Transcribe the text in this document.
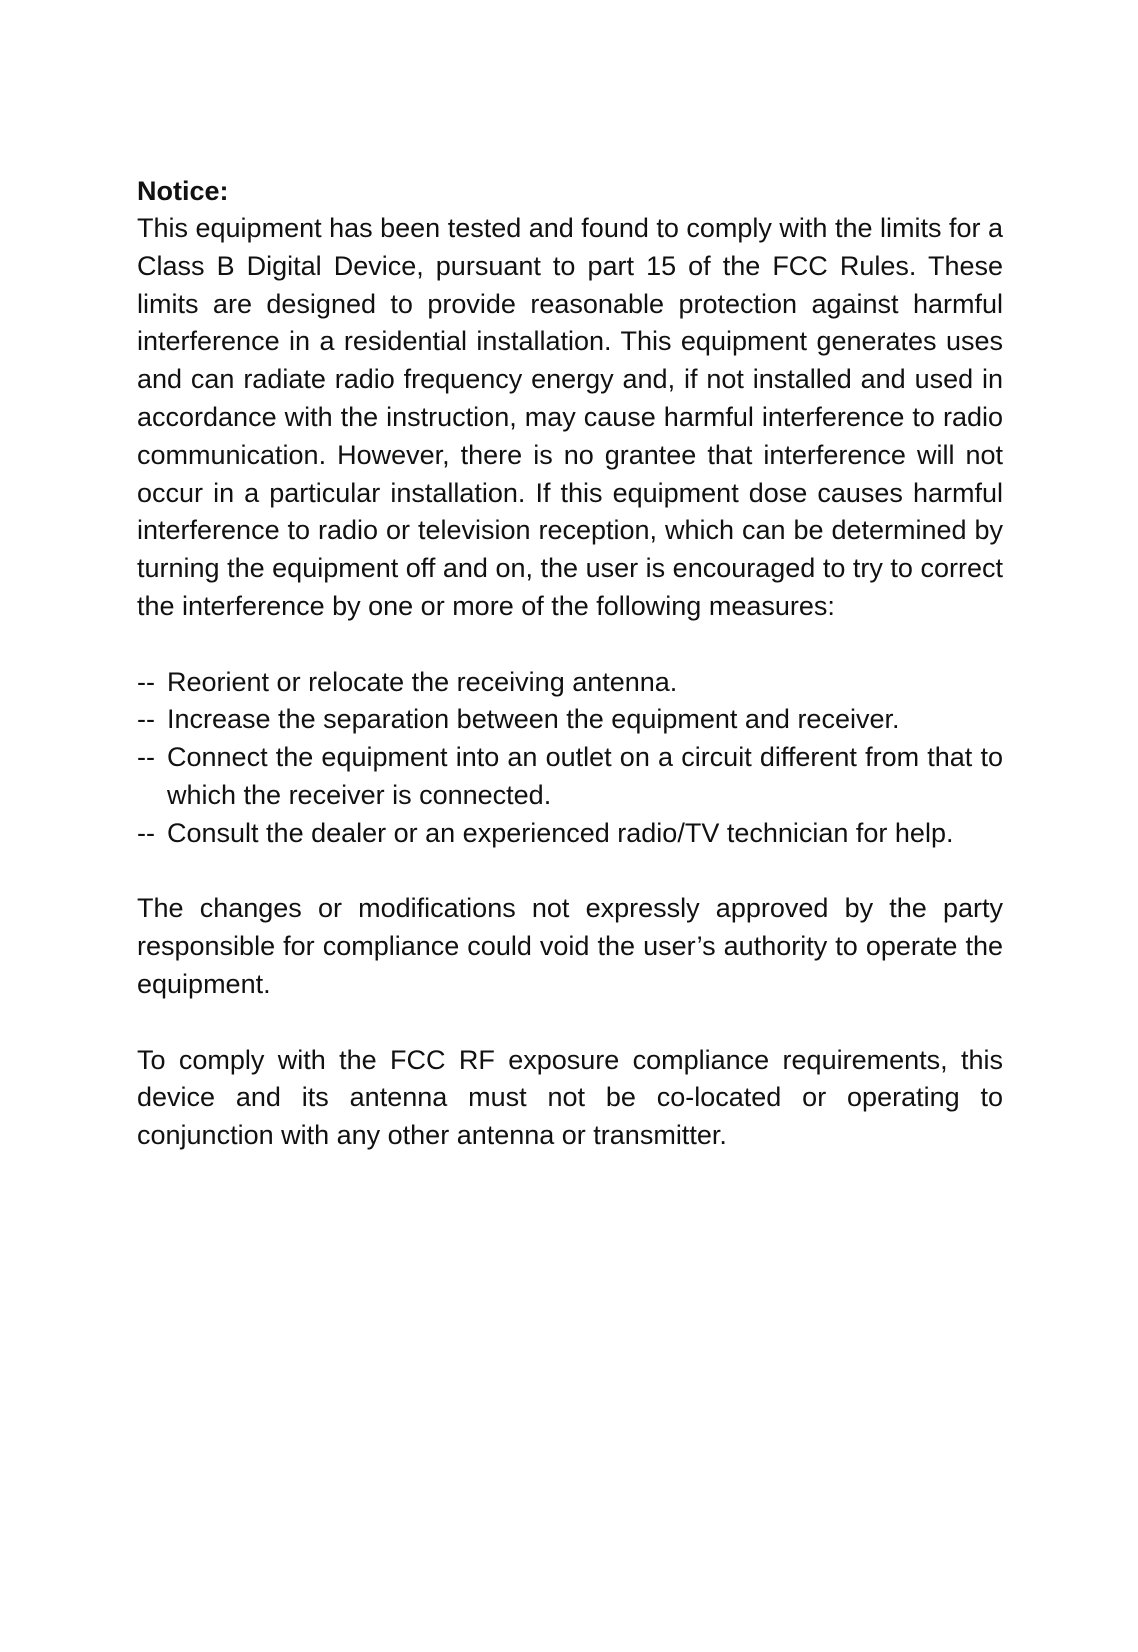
Notice:

This equipment has been tested and found to comply with the limits for a Class B Digital Device, pursuant to part 15 of the FCC Rules. These limits are designed to provide reasonable protection against harmful interference in a residential installation. This equipment generates uses and can radiate radio frequency energy and, if not installed and used in accordance with the instruction, may cause harmful interference to radio communication. However, there is no grantee that interference will not occur in a particular installation. If this equipment dose causes harmful interference to radio or television reception, which can be determined by turning the equipment off and on, the user is encouraged to try to correct the interference by one or more of the following measures:

-- Reorient or relocate the receiving antenna.
-- Increase the separation between the equipment and receiver.
-- Connect the equipment into an outlet on a circuit different from that to which the receiver is connected.
-- Consult the dealer or an experienced radio/TV technician for help.

The changes or modifications not expressly approved by the party responsible for compliance could void the user’s authority to operate the equipment.

To comply with the FCC RF exposure compliance requirements, this device and its antenna must not be co-located or operating to conjunction with any other antenna or transmitter.
